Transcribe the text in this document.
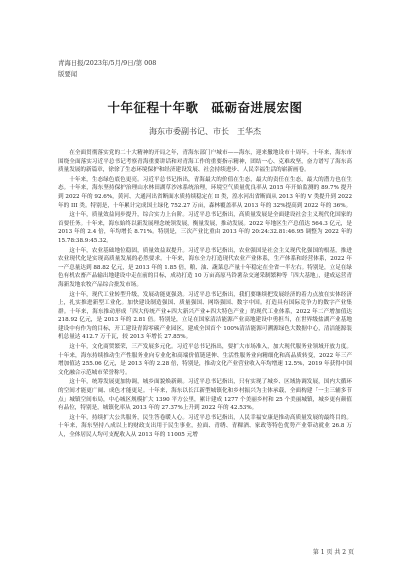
青海日报/2023年/5月/9日/第 008
版要闻
十年征程十年歌　砥砺奋进展宏图
海东市委副书记、市长　王华杰

在全面贯彻落实党的二十大精神的开局之年，青海东部门户城市——海东，迎来撤地设市十周年。十年来，海东市围绕全面落实习近平总书记考察青海重要讲话和对青海工作的重要指示精神，团结一心、克难攻坚，奋力谱写了海东高质量发展的新篇章，徐徐了生态环境保护和经济建设发展、社会持续进步、人民幸福生活的崭新画卷。

十年来，生态绿色底色更亮。习近平总书记指出，青海最大的价值在生态，最大的责任在生态，最大的潜力也在生态。十年来，海东坚持保护治理山水林田湖草沙冰系统治理，环境空气质量优良率从 2015 年开始监测的 89.7% 提升到 2022 年的 92.6%，黄河、大通河出省断面水质持续稳定在 II 类，湟水河出省断面从 2013 年的 V 类提升到 2022 年的 III 类。特别是，十年累计完成国土绿化 752.27 万亩，森林覆盖率从 2013 年的 32%提高到 2022 年的 36%。

这十年，质量效益同步提升，综合实力上台阶。习近平总书记指出，高质量发展是全面建设社会主义现代化国家的首要任务。十年来，海东始终以新发展理念统领发展，衡量发展，推动发展。2022 年地区生产总值达 564.3 亿元，是 2013 年的 2.4 倍，年均增长 8.71%。特别是，三次产业比重由 2013 年的 20:24:32.81:46.95 调整为 2022 年的 15.78:38.9:45.32。

这十年，农业基础地位稳固，质量效益双提升。习近平总书记指出，农业强国是社会主义现代化强国的根基，推进农业现代化是实现高质量发展的必然要求。十年来，海东全力打造现代农业产业体系，生产体系和经营体系，2022 年一产总量达到 88.82 亿元，是 2013 年的 1.85 倍，粮、油、蔬菜总产量十年稳定在全省一半左右。特别是，立足在绿色有机农畜产品输出地建设中走在前的目标，成功打造 10 万亩高原马铃薯杂交递采制繁种等「四大基地」，建成运营青海新发地农牧产品综合批发市场。

这十年，现代工业转型升级，发展动能更强劲。习近平总书记指出，我们要继续把发展经济的着力点放在实体经济上，扎实推进新型工业化。加快建设制造强国、质量强国、网络强国、数字中国。打造具有国际竞争力的数字产业集群。十年来，海东推动形成「四大传统产业+四大新兴产业+四大特色产业」的现代工业体系，2022 年二产增加值达 218.92 亿元，是 2013 年的 2.81 倍。特别是，立足在国家清洁能源产业高地建设中勇担当，在世界级盐湖产业基地建设中有作为的目标，开工建设青海零碳产业园区，建成全国首个 100%清洁能源可溯源绿色大数据中心，清洁能源装机总量达 412.7 万千瓦，较 2013 年增长 27.85%。

这十年，文化商贸繁荣，三产发展多元化。习近平总书记指出，要扩大市场准入，加大现代服务业领域开放力度。十年来，海东持续推动生产性服务业向专业化和高端价值链延伸、生活性服务业向精细化和高品质转变，2022 年三产增加值达 255.06 亿元，是 2013 年的 2.28 倍，特别是，推动文化产业营业收入年均增速 12.5%，2019 年获得中国文化融合示范城市荣誉称号。

这十年，统筹发展更加协调，城乡面貌焕新颜。习近平总书记指出，只有实现了城乡、区域协调发展，国内大循环的空间才能更广阔、成色才能更足。十年来，海东以长江新型城镇化和乡村振兴为主体承载，全面构建「一主三辅多节点」城镇空间布局，中心城区规模扩大 1390 平方公里，累计建成 1277 个美丽乡村和 25 个美丽城镇，城乡更有颜值有品位，特别是，城镇化率从 2013 年的 27.37%上升到 2022 年的 42.53%。

这十年，持续扩大公共服务，民生答卷暖人心。习近平总书记指出，人民幸福安康是推动高质量发展的最终目的。十年来，海东坚持八成以上的财政支出用于民生事业，拉面、青绣、青稞酒、家政等特色优势产业带动就业 26.8 万人，全体居民人均可支配收入从 2013 年的 11005 元增

第 1 页 共 2 页
